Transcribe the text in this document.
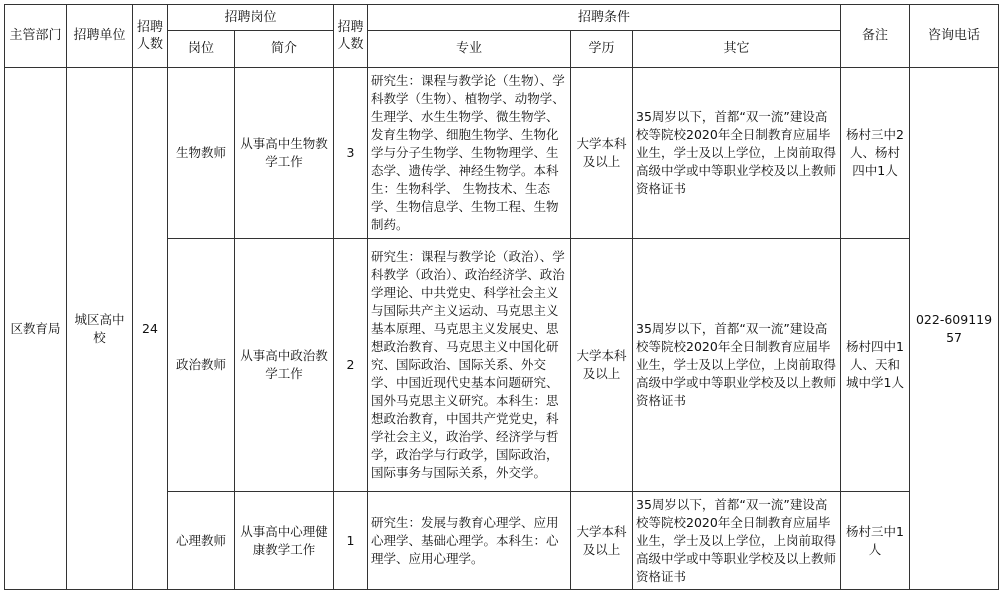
主管部门	招聘单位	招聘人数	招聘岗位		招聘人数	招聘条件			备注	咨询电话
			岗位	简介		专业	学历	其它		
区教育局	城区高中校	24	生物教师	从事高中生物教学工作	3	研究生：课程与教学论（生物）、学科教学（生物）、植物学、动物学、生理学、水生生物学、微生物学、发育生物学、细胞生物学、生物化学与分子生物学、生物物理学、生态学、遗传学、神经生物学。本科生：生物科学、 生物技术、生态学、生物信息学、生物工程、生物制药。	大学本科及以上	35周岁以下，首都“双一流”建设高校等院校2020年全日制教育应届毕业生，学士及以上学位，上岗前取得高级中学或中等职业学校及以上教师资格证书	杨村三中2人、杨村四中1人	022-60911957
			政治教师	从事高中政治教学工作	2	研究生：课程与教学论（政治）、学科教学（政治）、政治经济学、政治学理论、中共党史、科学社会主义与国际共产主义运动、马克思主义基本原理、马克思主义发展史、思想政治教育、马克思主义中国化研究、国际政治、国际关系、外交学、中国近现代史基本问题研究、国外马克思主义研究。本科生：思想政治教育，中国共产党党史，科学社会主义，政治学、经济学与哲学，政治学与行政学，国际政治，国际事务与国际关系，外交学。	大学本科及以上	35周岁以下，首都“双一流”建设高校等院校2020年全日制教育应届毕业生，学士及以上学位，上岗前取得高级中学或中等职业学校及以上教师资格证书	杨村四中1人、天和城中学1人	
			心理教师	从事高中心理健康教学工作	1	研究生：发展与教育心理学、应用心理学、基础心理学。本科生：心理学、应用心理学。	大学本科及以上	35周岁以下，首都“双一流”建设高校等院校2020年全日制教育应届毕业生，学士及以上学位，上岗前取得高级中学或中等职业学校及以上教师资格证书	杨村三中1人	
